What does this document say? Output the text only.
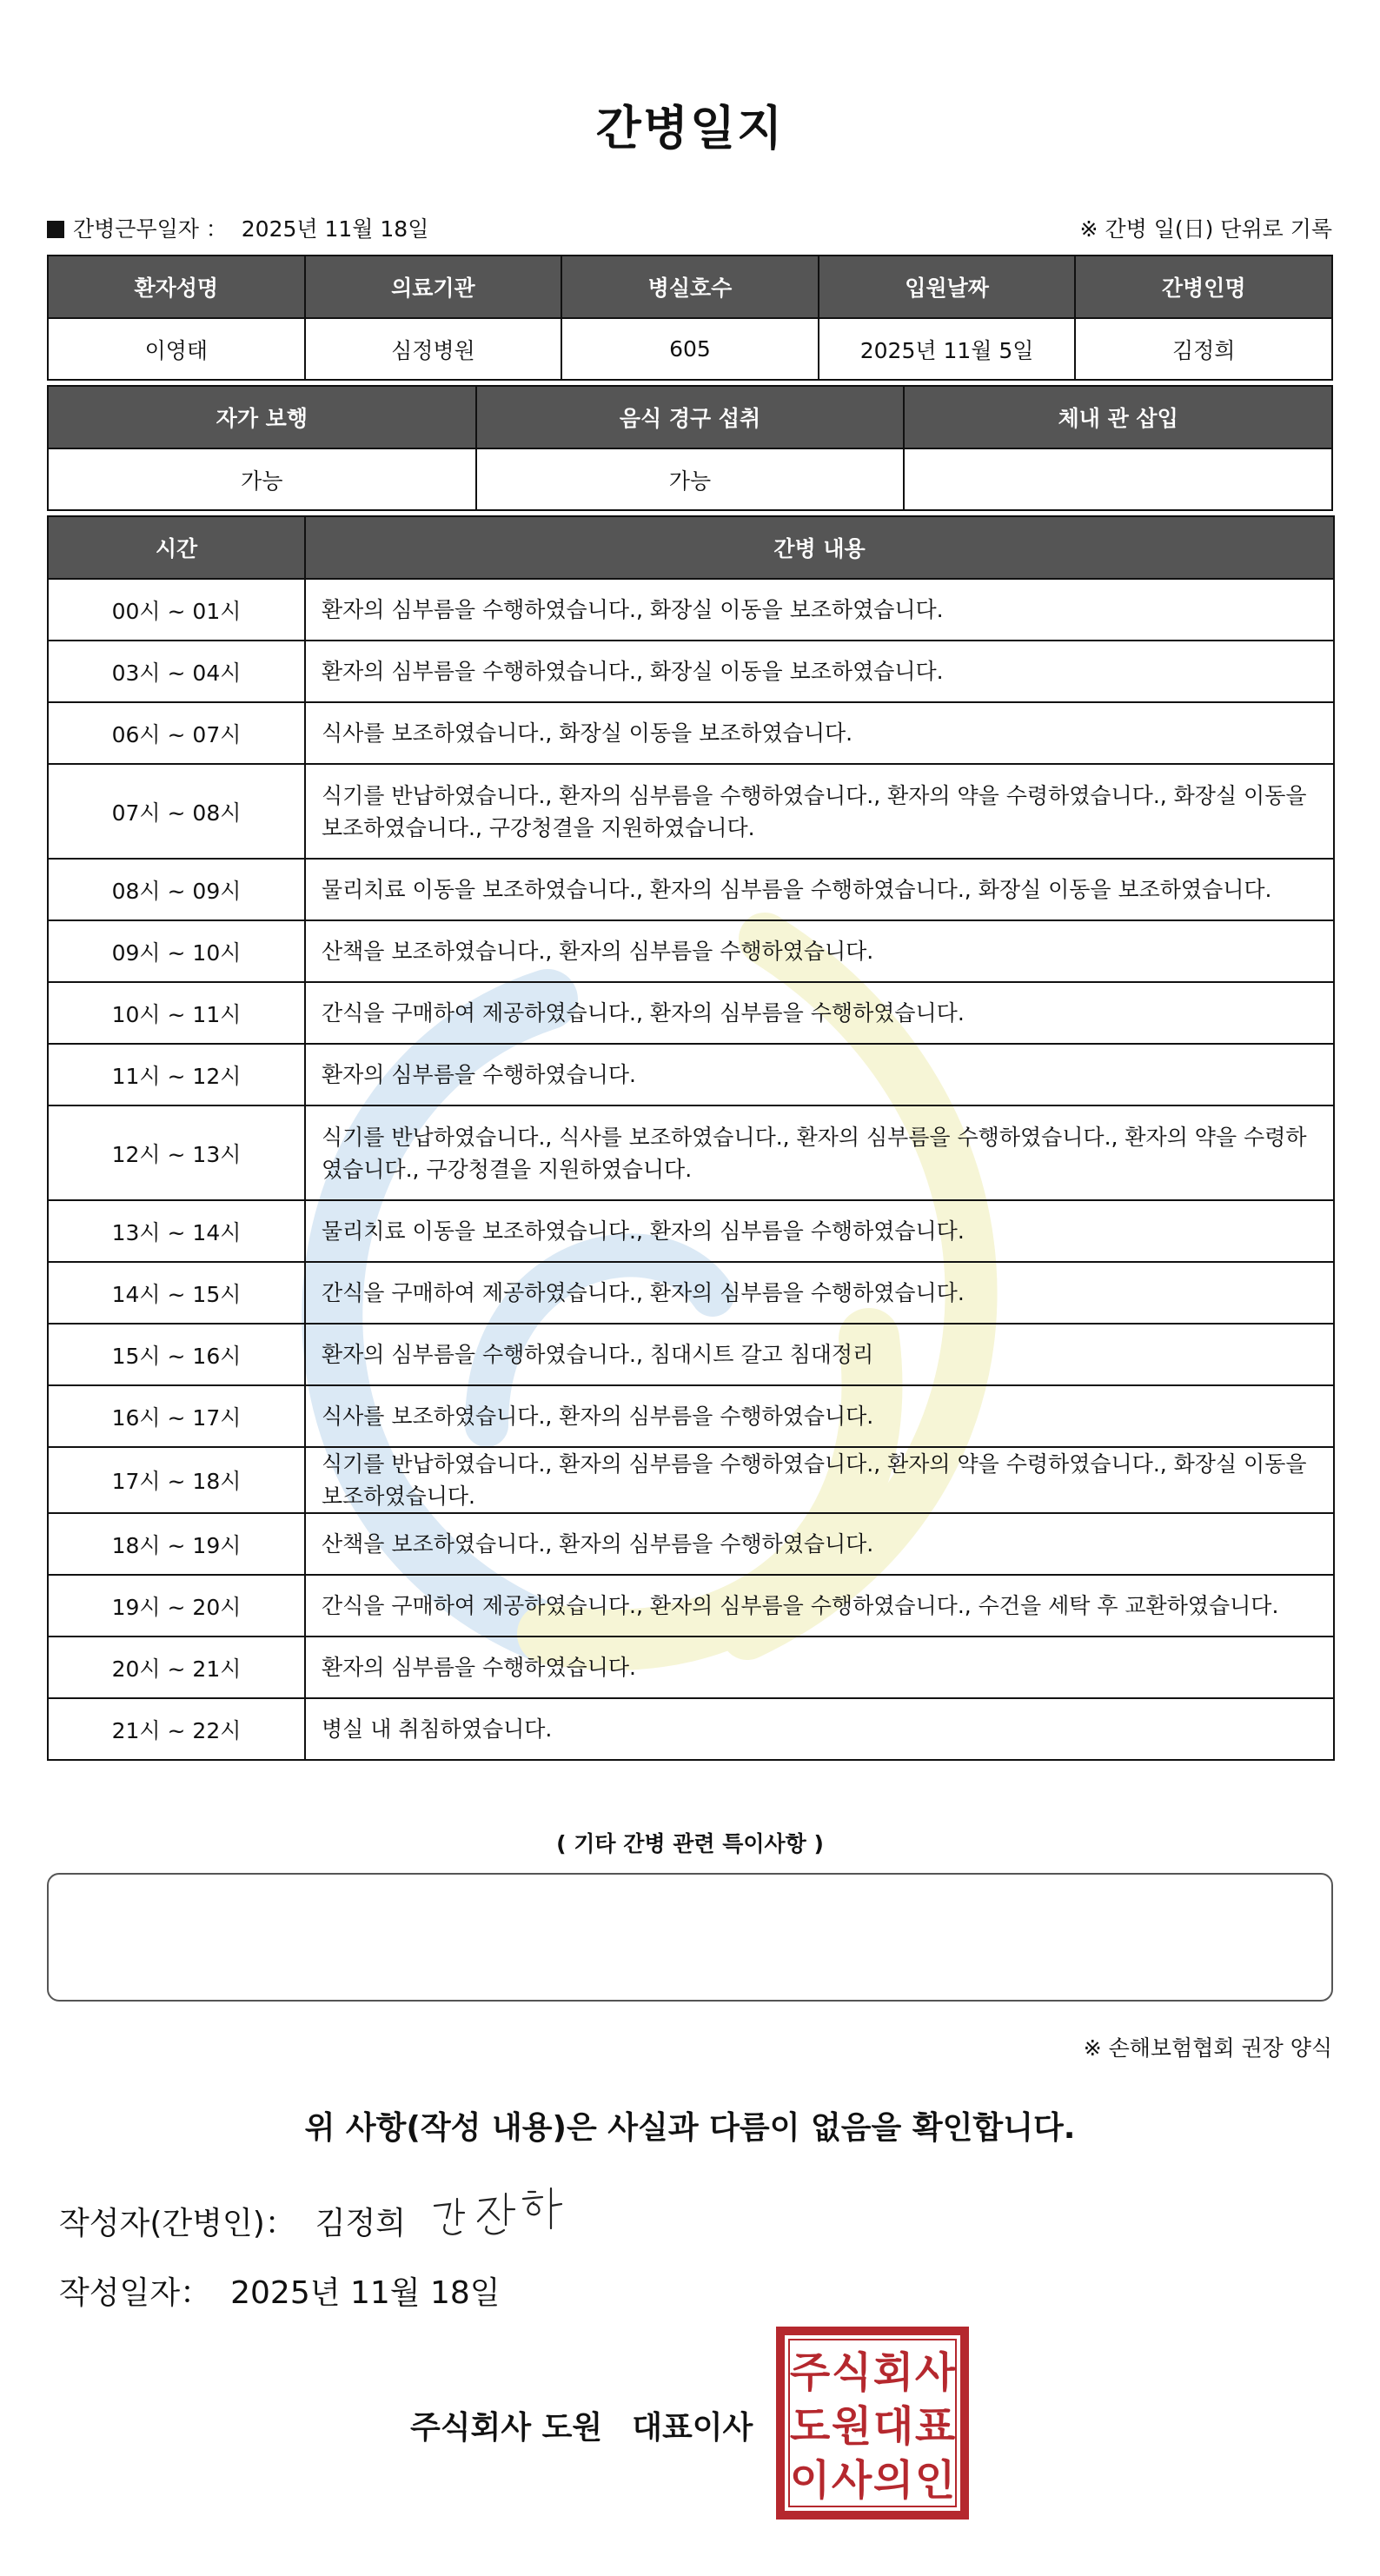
간병일지
간병근무일자 ： 2025년 11월 18일	※ 간병 일(日) 단위로 기록
환자성명	의료기관	병실호수	입원날짜	간병인명
이영태	심정병원	605	2025년 11월 5일	김정희
자가 보행	음식 경구 섭취	체내 관 삽입
가능	가능	
시간	간병 내용
00시 ~ 01시	환자의 심부름을 수행하였습니다., 화장실 이동을 보조하였습니다.
03시 ~ 04시	환자의 심부름을 수행하였습니다., 화장실 이동을 보조하였습니다.
06시 ~ 07시	식사를 보조하였습니다., 화장실 이동을 보조하였습니다.
07시 ~ 08시	식기를 반납하였습니다., 환자의 심부름을 수행하였습니다., 환자의 약을 수령하였습니다., 화장실 이동을 보조하였습니다., 구강청결을 지원하였습니다.
08시 ~ 09시	물리치료 이동을 보조하였습니다., 환자의 심부름을 수행하였습니다., 화장실 이동을 보조하였습니다.
09시 ~ 10시	산책을 보조하였습니다., 환자의 심부름을 수행하였습니다.
10시 ~ 11시	간식을 구매하여 제공하였습니다., 환자의 심부름을 수행하였습니다.
11시 ~ 12시	환자의 심부름을 수행하였습니다.
12시 ~ 13시	식기를 반납하였습니다., 식사를 보조하였습니다., 환자의 심부름을 수행하였습니다., 환자의 약을 수령하였습니다., 구강청결을 지원하였습니다.
13시 ~ 14시	물리치료 이동을 보조하였습니다., 환자의 심부름을 수행하였습니다.
14시 ~ 15시	간식을 구매하여 제공하였습니다., 환자의 심부름을 수행하였습니다.
15시 ~ 16시	환자의 심부름을 수행하였습니다., 침대시트 갈고 침대정리
16시 ~ 17시	식사를 보조하였습니다., 환자의 심부름을 수행하였습니다.
17시 ~ 18시	식기를 반납하였습니다., 환자의 심부름을 수행하였습니다., 환자의 약을 수령하였습니다., 화장실 이동을 보조하였습니다.
18시 ~ 19시	산책을 보조하였습니다., 환자의 심부름을 수행하였습니다.
19시 ~ 20시	간식을 구매하여 제공하였습니다., 환자의 심부름을 수행하였습니다., 수건을 세탁 후 교환하였습니다.
20시 ~ 21시	환자의 심부름을 수행하였습니다.
21시 ~ 22시	병실 내 취침하였습니다.
( 기타 간병 관련 특이사항 )
※ 손해보험협회 권장 양식
위 사항(작성 내용)은 사실과 다름이 없음을 확인합니다.
작성자(간병인)： 김정희
작성일자： 2025년 11월 18일
주식회사 도원 대표이사
주 식 회 사
도 원 대 표
이 사 의 인
